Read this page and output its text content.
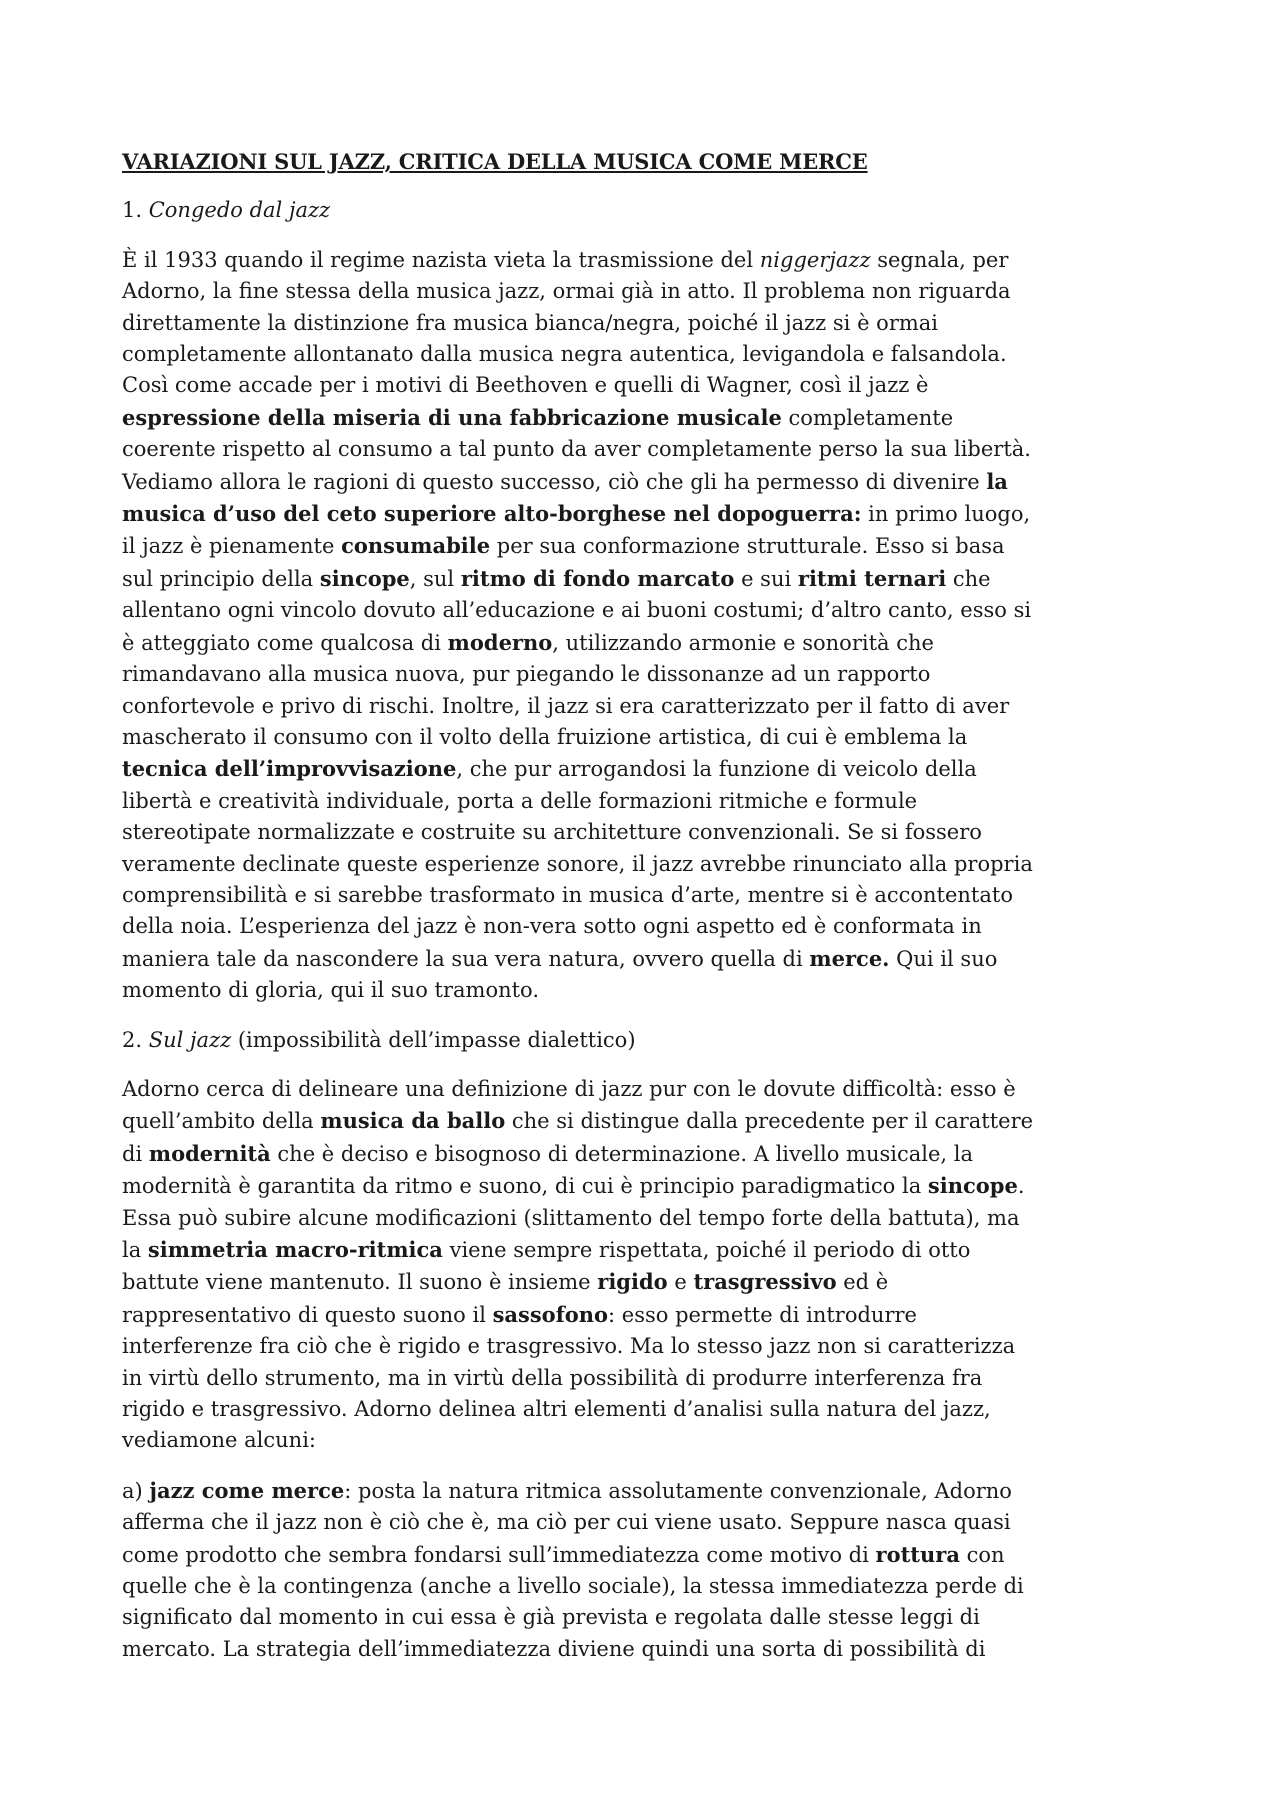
VARIAZIONI SUL JAZZ, CRITICA DELLA MUSICA COME MERCE

1. Congedo dal jazz

È il 1933 quando il regime nazista vieta la trasmissione del niggerjazz segnala, per
Adorno, la fine stessa della musica jazz, ormai già in atto. Il problema non riguarda
direttamente la distinzione fra musica bianca/negra, poiché il jazz si è ormai
completamente allontanato dalla musica negra autentica, levigandola e falsandola.
Così come accade per i motivi di Beethoven e quelli di Wagner, così il jazz è
espressione della miseria di una fabbricazione musicale completamente
coerente rispetto al consumo a tal punto da aver completamente perso la sua libertà.
Vediamo allora le ragioni di questo successo, ciò che gli ha permesso di divenire la
musica d’uso del ceto superiore alto-borghese nel dopoguerra: in primo luogo,
il jazz è pienamente consumabile per sua conformazione strutturale. Esso si basa
sul principio della sincope, sul ritmo di fondo marcato e sui ritmi ternari che
allentano ogni vincolo dovuto all’educazione e ai buoni costumi; d’altro canto, esso si
è atteggiato come qualcosa di moderno, utilizzando armonie e sonorità che
rimandavano alla musica nuova, pur piegando le dissonanze ad un rapporto
confortevole e privo di rischi. Inoltre, il jazz si era caratterizzato per il fatto di aver
mascherato il consumo con il volto della fruizione artistica, di cui è emblema la
tecnica dell’improvvisazione, che pur arrogandosi la funzione di veicolo della
libertà e creatività individuale, porta a delle formazioni ritmiche e formule
stereotipate normalizzate e costruite su architetture convenzionali. Se si fossero
veramente declinate queste esperienze sonore, il jazz avrebbe rinunciato alla propria
comprensibilità e si sarebbe trasformato in musica d’arte, mentre si è accontentato
della noia. L’esperienza del jazz è non-vera sotto ogni aspetto ed è conformata in
maniera tale da nascondere la sua vera natura, ovvero quella di merce. Qui il suo
momento di gloria, qui il suo tramonto.

2. Sul jazz (impossibilità dell’impasse dialettico)

Adorno cerca di delineare una definizione di jazz pur con le dovute difficoltà: esso è
quell’ambito della musica da ballo che si distingue dalla precedente per il carattere
di modernità che è deciso e bisognoso di determinazione. A livello musicale, la
modernità è garantita da ritmo e suono, di cui è principio paradigmatico la sincope.
Essa può subire alcune modificazioni (slittamento del tempo forte della battuta), ma
la simmetria macro-ritmica viene sempre rispettata, poiché il periodo di otto
battute viene mantenuto. Il suono è insieme rigido e trasgressivo ed è
rappresentativo di questo suono il sassofono: esso permette di introdurre
interferenze fra ciò che è rigido e trasgressivo. Ma lo stesso jazz non si caratterizza
in virtù dello strumento, ma in virtù della possibilità di produrre interferenza fra
rigido e trasgressivo. Adorno delinea altri elementi d’analisi sulla natura del jazz,
vediamone alcuni:

a) jazz come merce: posta la natura ritmica assolutamente convenzionale, Adorno
afferma che il jazz non è ciò che è, ma ciò per cui viene usato. Seppure nasca quasi
come prodotto che sembra fondarsi sull’immediatezza come motivo di rottura con
quelle che è la contingenza (anche a livello sociale), la stessa immediatezza perde di
significato dal momento in cui essa è già prevista e regolata dalle stesse leggi di
mercato. La strategia dell’immediatezza diviene quindi una sorta di possibilità di
